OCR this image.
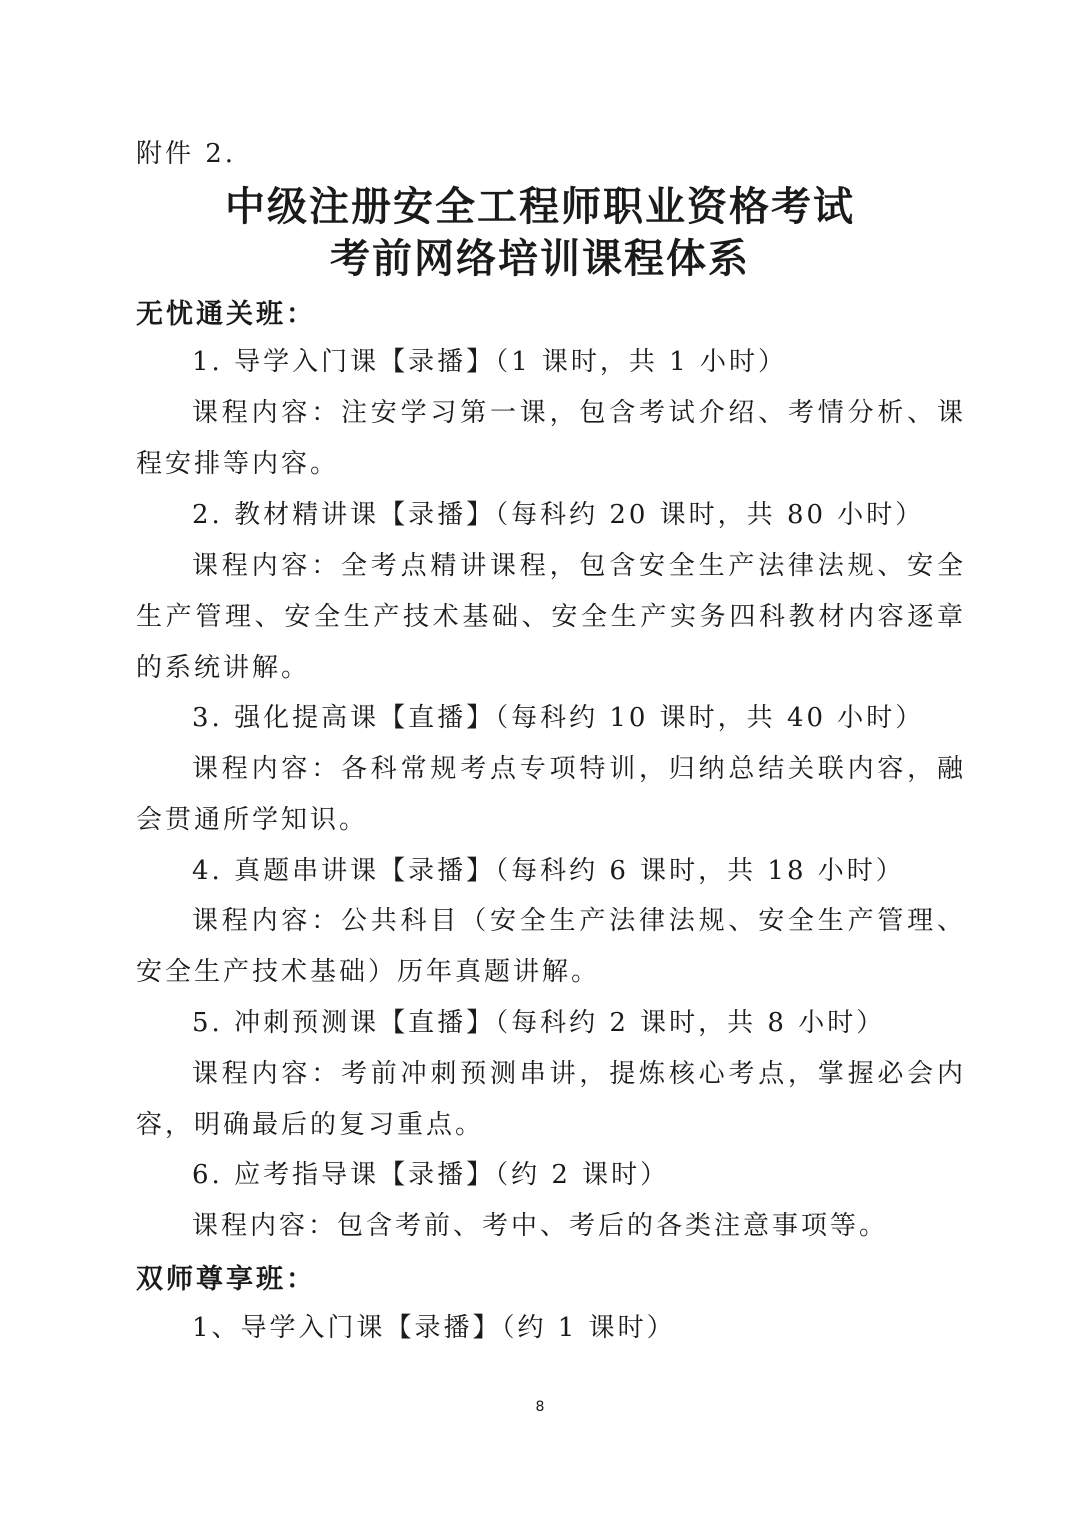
附件 2.
中级注册安全工程师职业资格考试
考前网络培训课程体系
无忧通关班：
1. 导学入门课【录播】（1 课时，共 1 小时）
课程内容：注安学习第一课，包含考试介绍、考情分析、课程安排等内容。
2. 教材精讲课【录播】（每科约 20 课时，共 80 小时）
课程内容：全考点精讲课程，包含安全生产法律法规、安全生产管理、安全生产技术基础、安全生产实务四科教材内容逐章的系统讲解。
3. 强化提高课【直播】（每科约 10 课时，共 40 小时）
课程内容：各科常规考点专项特训，归纳总结关联内容，融会贯通所学知识。
4. 真题串讲课【录播】（每科约 6 课时，共 18 小时）
课程内容：公共科目（安全生产法律法规、安全生产管理、安全生产技术基础）历年真题讲解。
5. 冲刺预测课【直播】（每科约 2 课时，共 8 小时）
课程内容：考前冲刺预测串讲，提炼核心考点，掌握必会内容，明确最后的复习重点。
6. 应考指导课【录播】（约 2 课时）
课程内容：包含考前、考中、考后的各类注意事项等。
双师尊享班：
1、导学入门课【录播】（约 1 课时）
8
